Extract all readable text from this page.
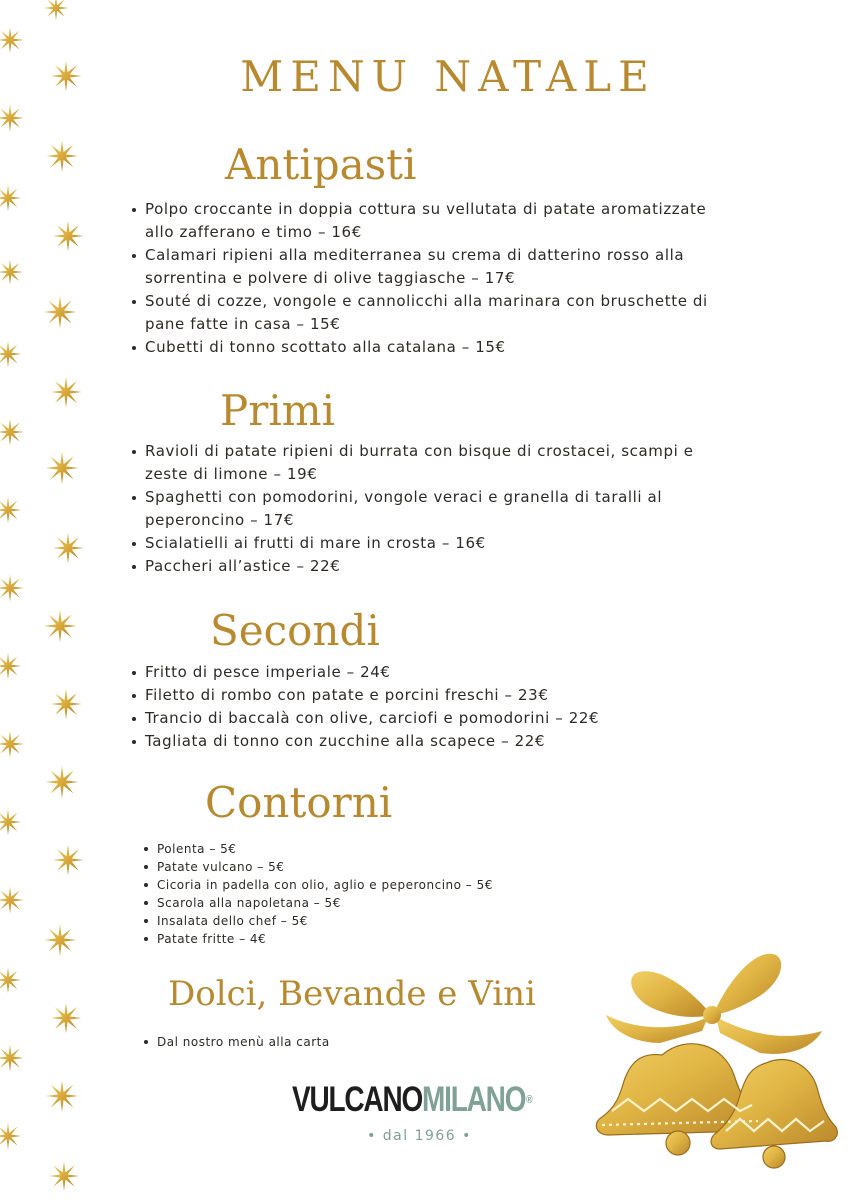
MENU NATALE
Antipasti
Polpo croccante in doppia cottura su vellutata di patate aromatizzate
allo zafferano e timo – 16€
Calamari ripieni alla mediterranea su crema di datterino rosso alla
sorrentina e polvere di olive taggiasche – 17€
Souté di cozze, vongole e cannolicchi alla marinara con bruschette di
pane fatte in casa – 15€
Cubetti di tonno scottato alla catalana – 15€
Primi
Ravioli di patate ripieni di burrata con bisque di crostacei, scampi e
zeste di limone – 19€
Spaghetti con pomodorini, vongole veraci e granella di taralli al
peperoncino – 17€
Scialatielli ai frutti di mare in crosta – 16€
Paccheri all’astice – 22€
Secondi
Fritto di pesce imperiale – 24€
Filetto di rombo con patate e porcini freschi – 23€
Trancio di baccalà con olive, carciofi e pomodorini – 22€
Tagliata di tonno con zucchine alla scapece – 22€
Contorni
Polenta – 5€
Patate vulcano – 5€
Cicoria in padella con olio, aglio e peperoncino – 5€
Scarola alla napoletana – 5€
Insalata dello chef – 5€
Patate fritte – 4€
Dolci, Bevande e Vini
Dal nostro menù alla carta
VULCANOMILANO®
• dal 1966 •
